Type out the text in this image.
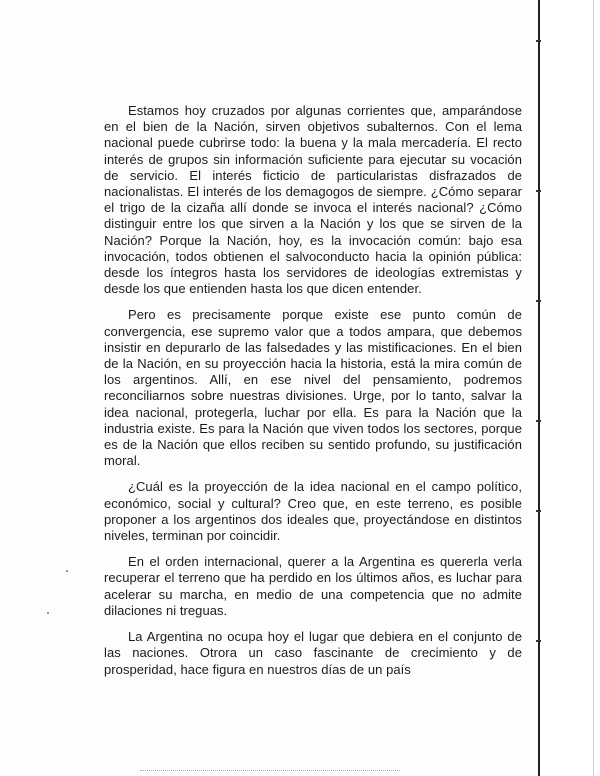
Estamos hoy cruzados por algunas corrientes que, amparándose en el bien de la Nación, sirven objetivos subalternos. Con el lema nacional puede cubrirse todo: la buena y la mala mercadería. El recto interés de grupos sin información suficiente para ejecutar su vocación de servicio. El interés ficticio de particularistas disfrazados de nacionalistas. El interés de los demagogos de siempre. ¿Cómo separar el trigo de la cizaña allí donde se invoca el interés nacional? ¿Cómo distinguir entre los que sirven a la Nación y los que se sirven de la Nación? Porque la Nación, hoy, es la invocación común: bajo esa invocación, todos obtienen el salvoconducto hacia la opinión pública: desde los íntegros hasta los servidores de ideologías extremistas y desde los que entienden hasta los que dicen entender.

Pero es precisamente porque existe ese punto común de convergencia, ese supremo valor que a todos ampara, que debemos insistir en depurarlo de las falsedades y las mistificaciones. En el bien de la Nación, en su proyección hacia la historia, está la mira común de los argentinos. Allí, en ese nivel del pensamiento, podremos reconciliarnos sobre nuestras divisiones. Urge, por lo tanto, salvar la idea nacional, protegerla, luchar por ella. Es para la Nación que la industria existe. Es para la Nación que viven todos los sectores, porque es de la Nación que ellos reciben su sentido profundo, su justificación moral.

¿Cuál es la proyección de la idea nacional en el campo político, económico, social y cultural? Creo que, en este terreno, es posible proponer a los argentinos dos ideales que, proyectándose en distintos niveles, terminan por coincidir.

En el orden internacional, querer a la Argentina es quererla verla recuperar el terreno que ha perdido en los últimos años, es luchar para acelerar su marcha, en medio de una competencia que no admite dilaciones ni treguas.

La Argentina no ocupa hoy el lugar que debiera en el conjunto de las naciones. Otrora un caso fascinante de crecimiento y de prosperidad, hace figura en nuestros días de un país
